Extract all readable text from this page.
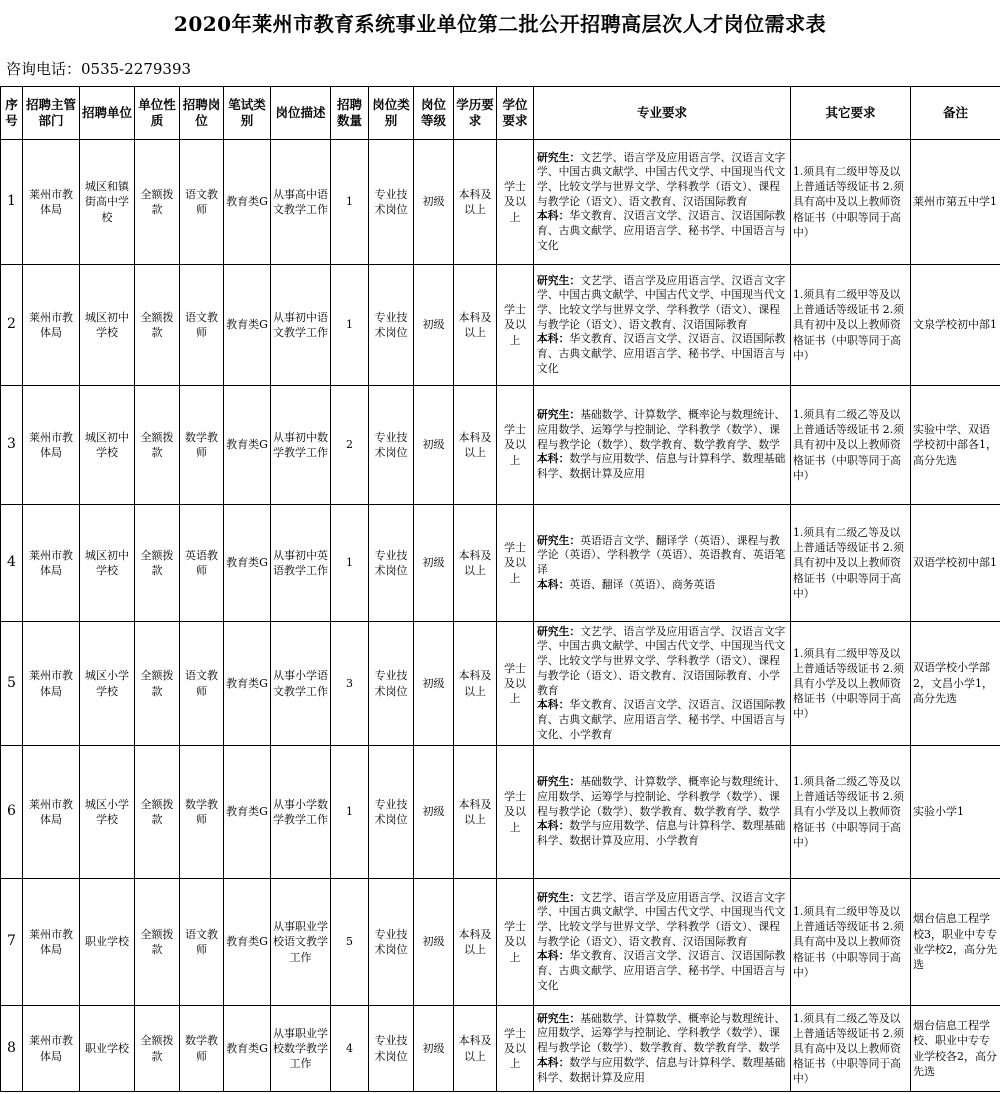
2020年莱州市教育系统事业单位第二批公开招聘高层次人才岗位需求表
咨询电话：0535-2279393
序号	招聘主管部门	招聘单位	单位性质	招聘岗位	笔试类别	岗位描述	招聘数量	岗位类别	岗位等级	学历要求	学位要求	专业要求	其它要求	备注
1	莱州市教体局	城区和镇街高中学校	全额拨款	语文教师	教育类G	从事高中语文教学工作	1	专业技术岗位	初级	本科及以上	学士及以上	研究生：文艺学、语言学及应用语言学、汉语言文字学、中国古典文献学、中国古代文学、中国现当代文学、比较文学与世界文学、学科教学（语文）、课程与教学论（语文）、语文教育、汉语国际教育
本科：华文教育、汉语言文学、汉语言、汉语国际教育、古典文献学、应用语言学、秘书学、中国语言与文化	1.须具有二级甲等及以上普通话等级证书 2.须具有高中及以上教师资格证书（中职等同于高中）	莱州市第五中学1
2	莱州市教体局	城区初中学校	全额拨款	语文教师	教育类G	从事初中语文教学工作	1	专业技术岗位	初级	本科及以上	学士及以上	研究生：文艺学、语言学及应用语言学、汉语言文字学、中国古典文献学、中国古代文学、中国现当代文学、比较文学与世界文学、学科教学（语文）、课程与教学论（语文）、语文教育、汉语国际教育
本科：华文教育、汉语言文学、汉语言、汉语国际教育、古典文献学、应用语言学、秘书学、中国语言与文化	1.须具有二级甲等及以上普通话等级证书 2.须具有初中及以上教师资格证书（中职等同于高中）	文泉学校初中部1
3	莱州市教体局	城区初中学校	全额拨款	数学教师	教育类G	从事初中数学教学工作	2	专业技术岗位	初级	本科及以上	学士及以上	研究生：基础数学、计算数学、概率论与数理统计、应用数学、运筹学与控制论、学科教学（数学）、课程与教学论（数学）、数学教育、数学教育学、数学
本科：数学与应用数学、信息与计算科学、数理基础科学、数据计算及应用	1.须具有二级乙等及以上普通话等级证书 2.须具有初中及以上教师资格证书（中职等同于高中）	实验中学、双语学校初中部各1，高分先选
4	莱州市教体局	城区初中学校	全额拨款	英语教师	教育类G	从事初中英语教学工作	1	专业技术岗位	初级	本科及以上	学士及以上	研究生：英语语言文学、翻译学（英语）、课程与教学论（英语）、学科教学（英语）、英语教育、英语笔译
本科：英语、翻译（英语）、商务英语	1.须具有二级乙等及以上普通话等级证书 2.须具有初中及以上教师资格证书（中职等同于高中）	双语学校初中部1
5	莱州市教体局	城区小学学校	全额拨款	语文教师	教育类G	从事小学语文教学工作	3	专业技术岗位	初级	本科及以上	学士及以上	研究生：文艺学、语言学及应用语言学、汉语言文字学、中国古典文献学、中国古代文学、中国现当代文学、比较文学与世界文学、学科教学（语文）、课程与教学论（语文）、语文教育、汉语国际教育、小学教育
本科：华文教育、汉语言文学、汉语言、汉语国际教育、古典文献学、应用语言学、秘书学、中国语言与文化、小学教育	1.须具有二级甲等及以上普通话等级证书 2.须具有小学及以上教师资格证书（中职等同于高中）	双语学校小学部2，文昌小学1，高分先选
6	莱州市教体局	城区小学学校	全额拨款	数学教师	教育类G	从事小学数学教学工作	1	专业技术岗位	初级	本科及以上	学士及以上	研究生：基础数学、计算数学、概率论与数理统计、应用数学、运筹学与控制论、学科教学（数学）、课程与教学论（数学）、数学教育、数学教育学、数学
本科：数学与应用数学、信息与计算科学、数理基础科学、数据计算及应用、小学教育	1.须具备二级乙等及以上普通话等级证书 2.须具有小学及以上教师资格证书（中职等同于高中）	实验小学1
7	莱州市教体局	职业学校	全额拨款	语文教师	教育类G	从事职业学校语文教学工作	5	专业技术岗位	初级	本科及以上	学士及以上	研究生：文艺学、语言学及应用语言学、汉语言文字学、中国古典文献学、中国古代文学、中国现当代文学、比较文学与世界文学、学科教学（语文）、课程与教学论（语文）、语文教育、汉语国际教育
本科：华文教育、汉语言文学、汉语言、汉语国际教育、古典文献学、应用语言学、秘书学、中国语言与文化	1.须具有二级甲等及以上普通话等级证书 2.须具有高中及以上教师资格证书（中职等同于高中）	烟台信息工程学校3，职业中专专业学校2，高分先选
8	莱州市教体局	职业学校	全额拨款	数学教师	教育类G	从事职业学校数学教学工作	4	专业技术岗位	初级	本科及以上	学士及以上	研究生：基础数学、计算数学、概率论与数理统计、应用数学、运筹学与控制论、学科教学（数学）、课程与教学论（数学）、数学教育、数学教育学、数学
本科：数学与应用数学、信息与计算科学、数理基础科学、数据计算及应用	1.须具有二级乙等及以上普通话等级证书 2.须具有高中及以上教师资格证书（中职等同于高中）	烟台信息工程学校、职业中专专业学校各2，高分先选
